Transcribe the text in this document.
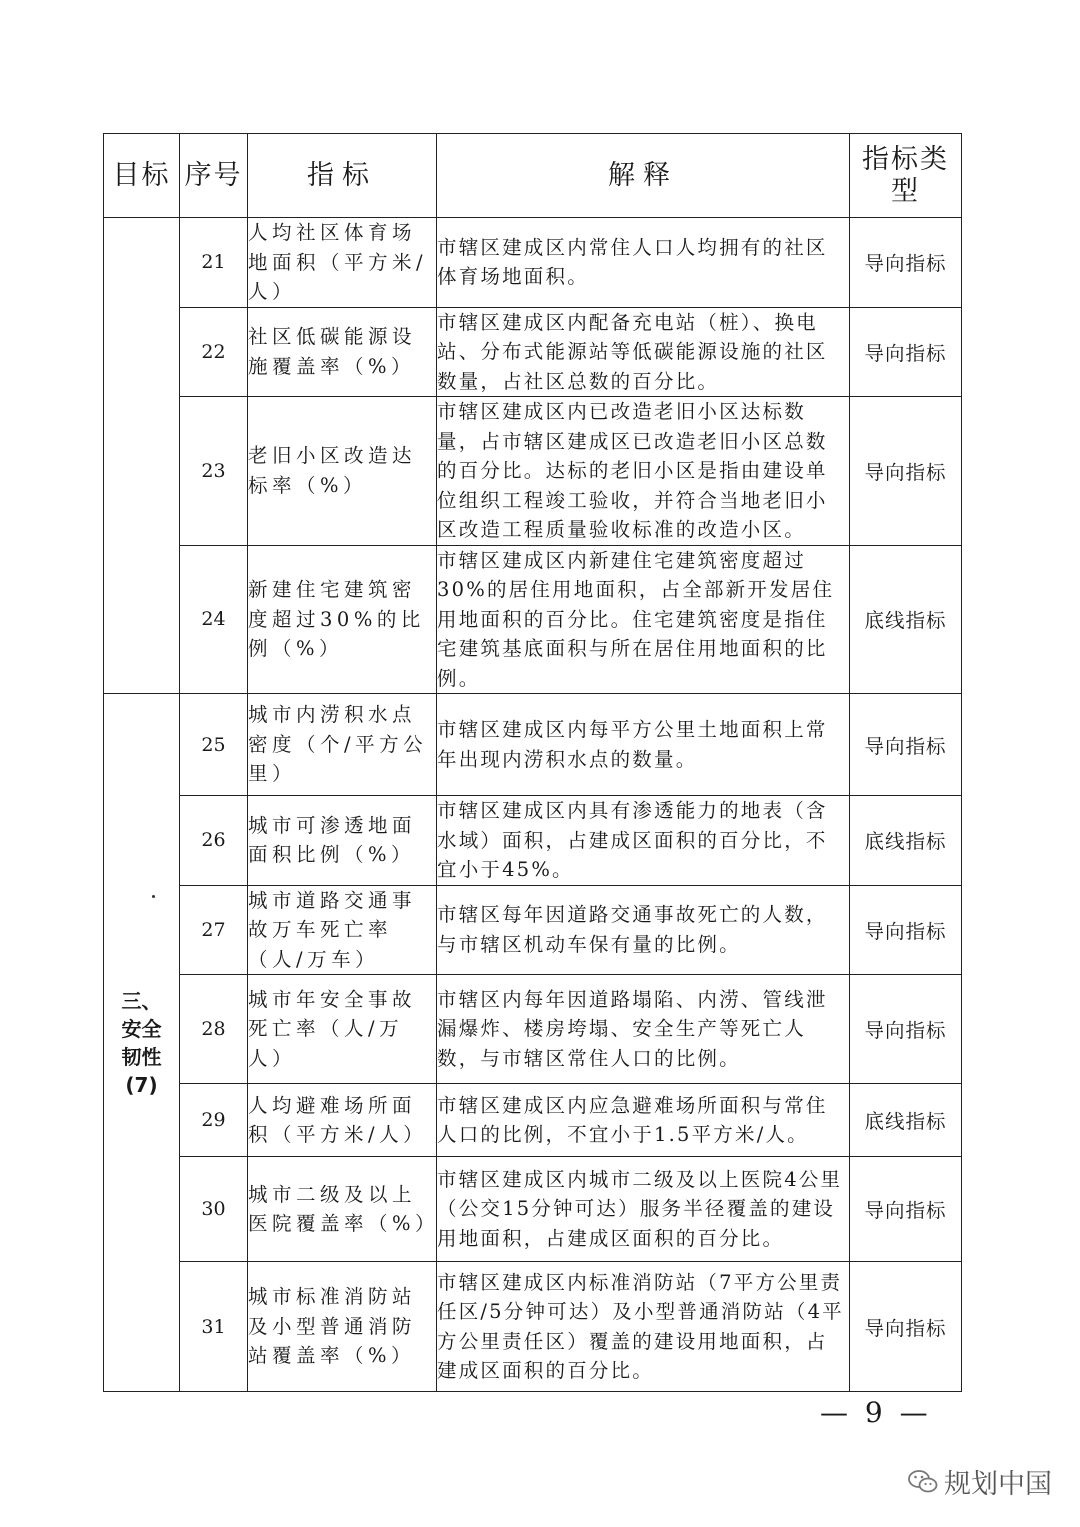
目标	序号	指标	解释	指标类型
	21	人均社区体育场地面积（平方米/人）	市辖区建成区内常住人口人均拥有的社区体育场地面积。	导向指标
	22	社区低碳能源设施覆盖率（%）	市辖区建成区内配备充电站（桩）、换电站、分布式能源站等低碳能源设施的社区数量，占社区总数的百分比。	导向指标
	23	老旧小区改造达标率（%）	市辖区建成区内已改造老旧小区达标数量，占市辖区建成区已改造老旧小区总数的百分比。达标的老旧小区是指由建设单位组织工程竣工验收，并符合当地老旧小区改造工程质量验收标准的改造小区。	导向指标
	24	新建住宅建筑密度超过30%的比例（%）	市辖区建成区内新建住宅建筑密度超过30%的居住用地面积，占全部新开发居住用地面积的百分比。住宅建筑密度是指住宅建筑基底面积与所在居住用地面积的比例。	底线指标
三、安全韧性(7)	25	城市内涝积水点密度（个/平方公里）	市辖区建成区内每平方公里土地面积上常年出现内涝积水点的数量。	导向指标
	26	城市可渗透地面面积比例（%）	市辖区建成区内具有渗透能力的地表（含水域）面积，占建成区面积的百分比，不宜小于45%。	底线指标
	27	城市道路交通事故万车死亡率（人/万车）	市辖区每年因道路交通事故死亡的人数，与市辖区机动车保有量的比例。	导向指标
	28	城市年安全事故死亡率（人/万人）	市辖区内每年因道路塌陷、内涝、管线泄漏爆炸、楼房垮塌、安全生产等死亡人数，与市辖区常住人口的比例。	导向指标
	29	人均避难场所面积（平方米/人）	市辖区建成区内应急避难场所面积与常住人口的比例，不宜小于1.5平方米/人。	底线指标
	30	城市二级及以上医院覆盖率（%）	市辖区建成区内城市二级及以上医院4公里（公交15分钟可达）服务半径覆盖的建设用地面积，占建成区面积的百分比。	导向指标
	31	城市标准消防站及小型普通消防站覆盖率（%）	市辖区建成区内标准消防站（7平方公里责任区/5分钟可达）及小型普通消防站（4平方公里责任区）覆盖的建设用地面积，占建成区面积的百分比。	导向指标
— 9 —
规划中国
